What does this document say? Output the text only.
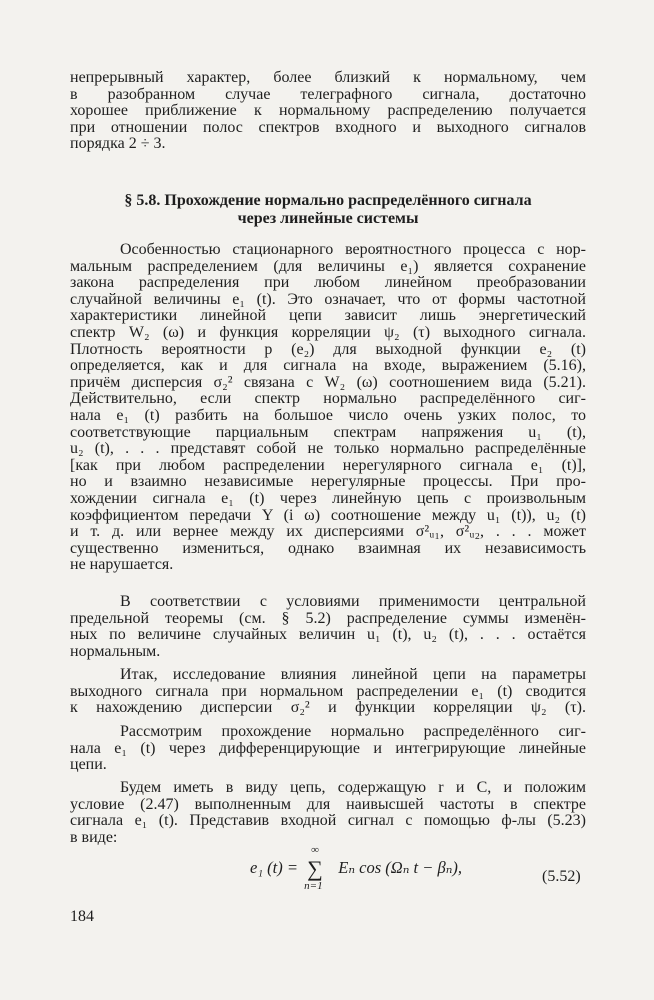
непрерывный характер, более близкий к нормальному, чем
в разобранном случае телеграфного сигнала, достаточно
хорошее приближение к нормальному распределению получается
при отношении полос спектров входного и выходного сигналов
порядка 2 ÷ 3.
§ 5.8. Прохождение нормально распределённого сигнала
через линейные системы
Особенностью стационарного вероятностного процесса с нор-
мальным распределением (для величины e₁) является сохранение
закона распределения при любом линейном преобразовании
случайной величины e₁ (t). Это означает, что от формы частотной
характеристики линейной цепи зависит лишь энергетический
спектр W₂ (ω) и функция корреляции ψ₂ (τ) выходного сигнала.
Плотность вероятности p (e₂) для выходной функции e₂ (t)
определяется, как и для сигнала на входе, выражением (5.16),
причём дисперсия σ₂² связана с W₂ (ω) соотношением вида (5.21).
Действительно, если спектр нормально распределённого сиг-
нала e₁ (t) разбить на большое число очень узких полос, то
соответствующие парциальным спектрам напряжения u₁ (t),
u₂ (t), . . . представят собой не только нормально распределённые
[как при любом распределении нерегулярного сигнала e₁ (t)],
но и взаимно независимые нерегулярные процессы. При про-
хождении сигнала e₁ (t) через линейную цепь с произвольным
коэффициентом передачи Y (i ω) соотношение между u₁ (t)), u₂ (t)
и т. д. или вернее между их дисперсиями σ²ᵤ₁, σ²ᵤ₂, . . . может
существенно измениться, однако взаимная их независимость
не нарушается.
В соответствии с условиями применимости центральной
предельной теоремы (см. § 5.2) распределение суммы изменён-
ных по величине случайных величин u₁ (t), u₂ (t), . . . остаётся
нормальным.
Итак, исследование влияния линейной цепи на параметры
выходного сигнала при нормальном распределении e₁ (t) сводится
к нахождению дисперсии σ₂² и функции корреляции ψ₂ (τ).
Рассмотрим прохождение нормально распределённого сиг-
нала e₁ (t) через дифференцирующие и интегрирующие линейные
цепи.
Будем иметь в виду цепь, содержащую r и C, и положим
условие (2.47) выполненным для наивысшей частоты в спектре
сигнала e₁ (t). Представив входной сигнал с помощью ф-лы (5.23)
в виде:
e₁ (t) =
∞
∑
n=1
Eₙ cos (Ωₙ t − βₙ),	(5.52)
184
